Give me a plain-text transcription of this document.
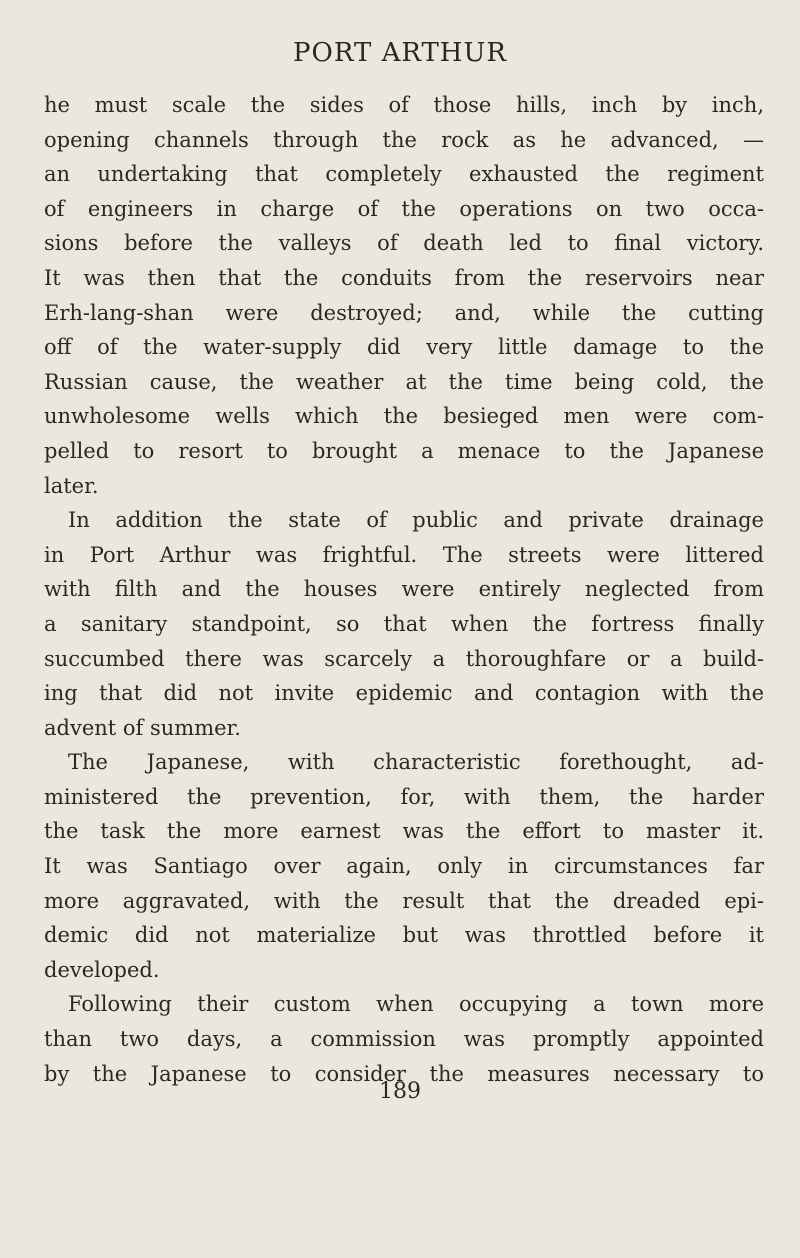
PORT ARTHUR
he must scale the sides of those hills, inch by inch,
opening channels through the rock as he advanced, —
an undertaking that completely exhausted the regiment
of engineers in charge of the operations on two occa-
sions before the valleys of death led to final victory.
It was then that the conduits from the reservoirs near
Erh-lang-shan were destroyed; and, while the cutting
off of the water-supply did very little damage to the
Russian cause, the weather at the time being cold, the
unwholesome wells which the besieged men were com-
pelled to resort to brought a menace to the Japanese
later.
In addition the state of public and private drainage
in Port Arthur was frightful. The streets were littered
with filth and the houses were entirely neglected from
a sanitary standpoint, so that when the fortress finally
succumbed there was scarcely a thoroughfare or a build-
ing that did not invite epidemic and contagion with the
advent of summer.
The Japanese, with characteristic forethought, ad-
ministered the prevention, for, with them, the harder
the task the more earnest was the effort to master it.
It was Santiago over again, only in circumstances far
more aggravated, with the result that the dreaded epi-
demic did not materialize but was throttled before it
developed.
Following their custom when occupying a town more
than two days, a commission was promptly appointed
by the Japanese to consider the measures necessary to
189
